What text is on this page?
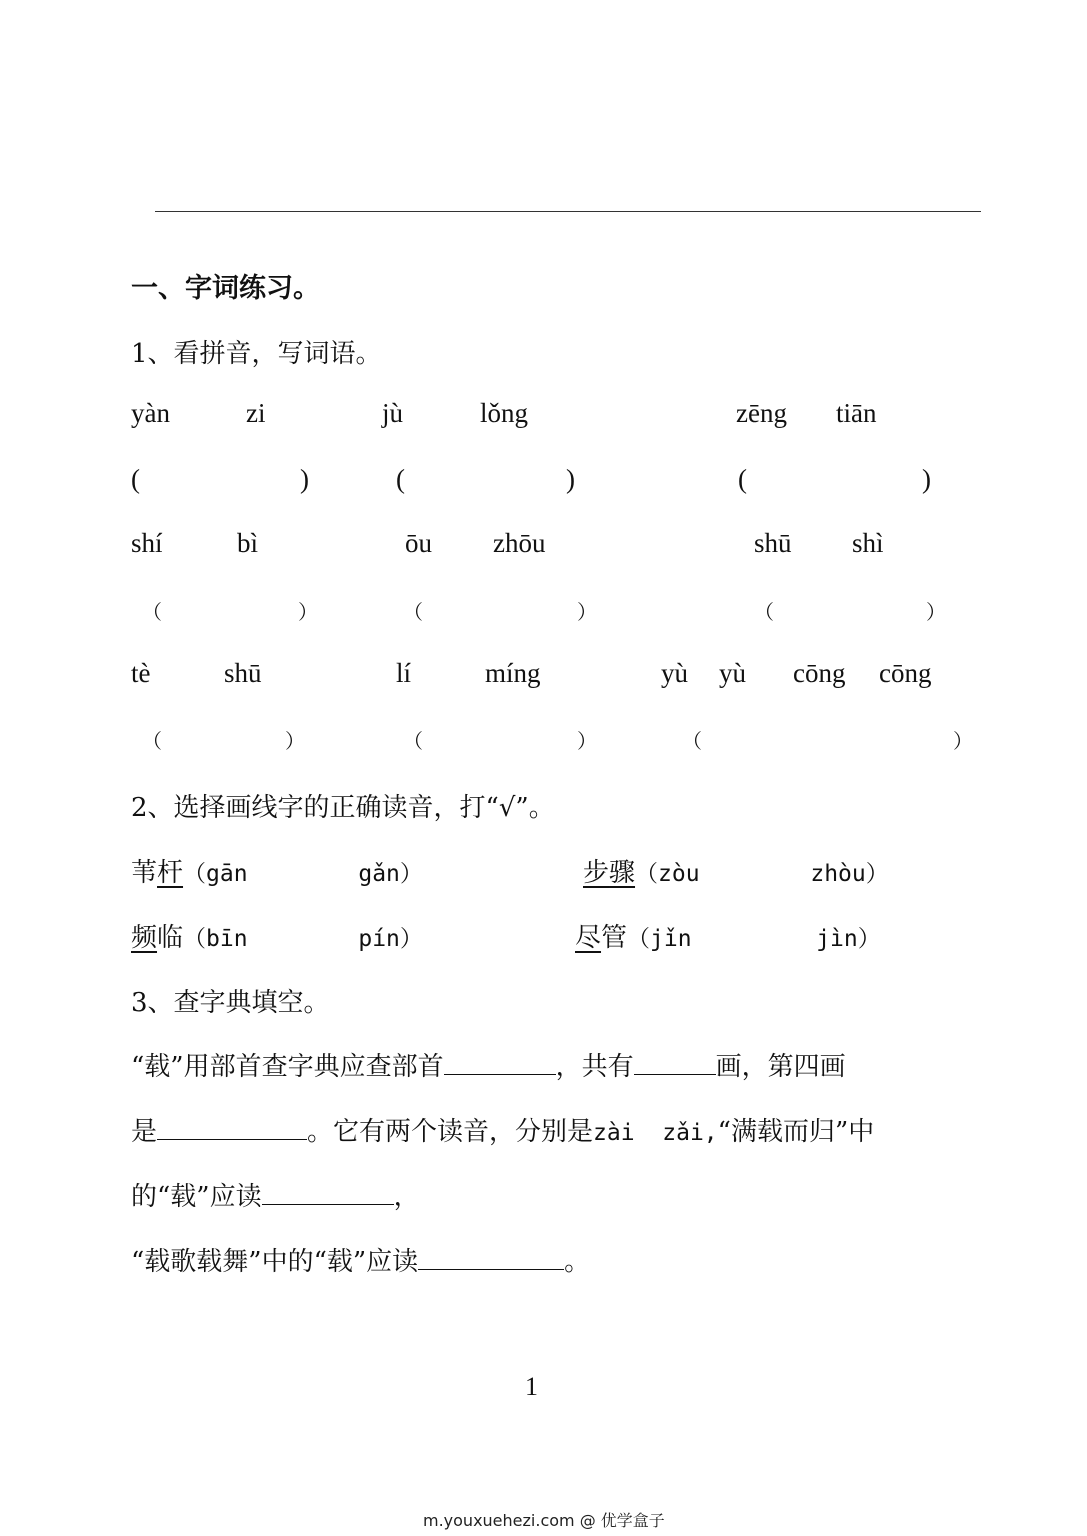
一、字词练习。
1、看拼音，写词语。
yàn	zi	jù	lǒng	zēng tiān
(	)	(	)	(	)
shí	bì	ōu zhōu	shū shì
（	）	（	）	（	）
tè	shū	lí	míng	yù yù cōng cōng
（	）	（	）	（	）
2、选择画线字的正确读音，打“√”。
苇杆（gān        gǎn）	步骤（zòu        zhòu）
频临（bīn        pín）	尽管（jǐn         jìn）
3、查字典填空。
“载”用部首查字典应查部首	，共有	画，第四画
是	。它有两个读音，分别是zài  zǎi,“满载而归”中
的“载”应读	，
“载歌载舞”中的“载”应读	。
1
m.youxuehezi.com @ 优学盒子
